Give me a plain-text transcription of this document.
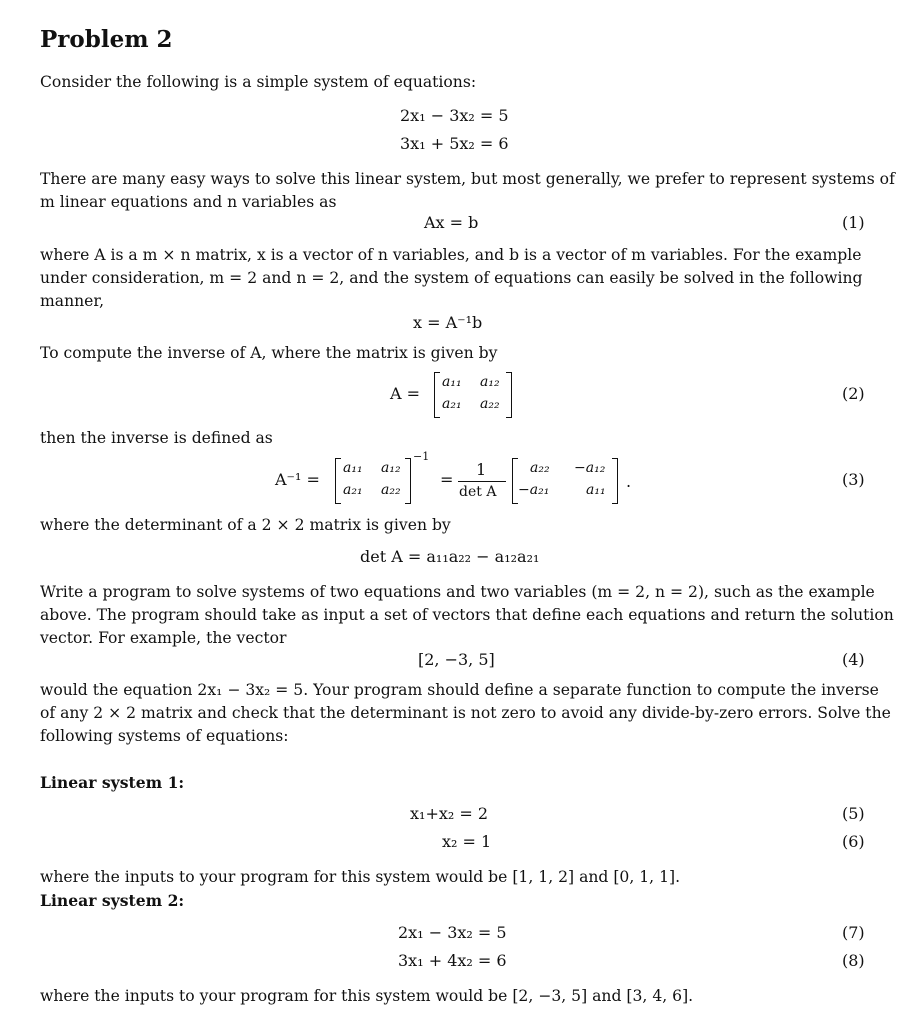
Problem 2
Consider the following is a simple system of equations:
2x₁ − 3x₂ = 5
3x₁ + 5x₂ = 6
There are many easy ways to solve this linear system, but most generally, we prefer to represent systems of
m linear equations and n variables as
Ax = b	(1)
where A is a m × n matrix, x is a vector of n variables, and b is a vector of m variables. For the example
under consideration, m = 2 and n = 2, and the system of equations can easily be solved in the following
manner,
x = A⁻¹b
To compute the inverse of A, where the matrix is given by
A =
a₁₁ a₁₂
a₂₁ a₂₂
(2)
then the inverse is defined as
A⁻¹ =
a₁₁ a₁₂
a₂₁ a₂₂
−1
=
1
det A
a₂₂ −a₁₂
−a₂₁	a₁₁ .	(3)
where the determinant of a 2 × 2 matrix is given by
det A = a₁₁a₂₂ − a₁₂a₂₁
Write a program to solve systems of two equations and two variables (m = 2, n = 2), such as the example
above. The program should take as input a set of vectors that define each equations and return the solution
vector. For example, the vector
[2, −3, 5]	(4)
would the equation 2x₁ − 3x₂ = 5. Your program should define a separate function to compute the inverse
of any 2 × 2 matrix and check that the determinant is not zero to avoid any divide-by-zero errors. Solve the
following systems of equations:
Linear system 1:
x₁+x₂ = 2	(5)
x₂ = 1	(6)
where the inputs to your program for this system would be [1, 1, 2] and [0, 1, 1].
Linear system 2:
2x₁ − 3x₂ = 5	(7)
3x₁ + 4x₂ = 6	(8)
where the inputs to your program for this system would be [2, −3, 5] and [3, 4, 6].
